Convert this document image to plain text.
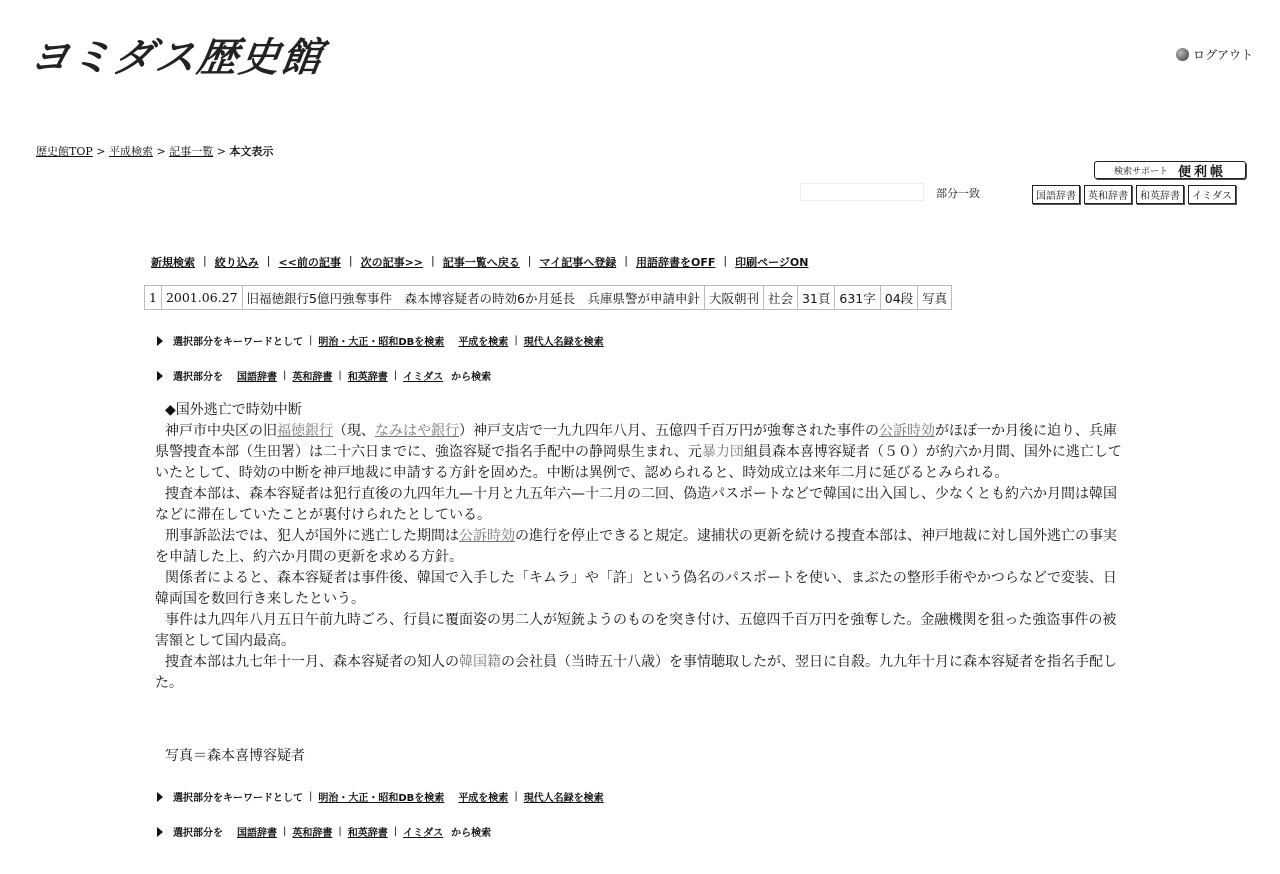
ヨミダス歴史館	ログアウト
歴史館TOP > 平成検索 > 記事一覧 > 本文表示
検索サポート 便利帳
部分一致	国語辞書	英和辞書	和英辞書	イミダス
新規検索 | 絞り込み | <<前の記事 | 次の記事>> | 記事一覧へ戻る | マイ記事へ登録 | 用語辞書をOFF | 印刷ページON
1	2001.06.27	旧福徳銀行5億円強奪事件　森本博容疑者の時効6か月延長　兵庫県警が申請申針	大阪朝刊	社会	31頁	631字	04段	写真
選択部分をキーワードとして | 明治・大正・昭和DBを検索 平成を検索 | 現代人名録を検索
選択部分を 国語辞書 | 英和辞書 | 和英辞書 | イミダス から検索

◆国外逃亡で時効中断

神戸市中央区の旧福徳銀行（現、なみはや銀行）神戸支店で一九九四年八月、五億四千百万円が強奪された事件の公訴時効がほぼ一か月後に迫り、兵庫県警捜査本部（生田署）は二十六日までに、強盗容疑で指名手配中の静岡県生まれ、元暴力団組員森本喜博容疑者（５０）が約六か月間、国外に逃亡していたとして、時効の中断を神戸地裁に申請する方針を固めた。中断は異例で、認められると、時効成立は来年二月に延びるとみられる。

捜査本部は、森本容疑者は犯行直後の九四年九—十月と九五年六—十二月の二回、偽造パスポートなどで韓国に出入国し、少なくとも約六か月間は韓国などに滞在していたことが裏付けられたとしている。

刑事訴訟法では、犯人が国外に逃亡した期間は公訴時効の進行を停止できると規定。逮捕状の更新を続ける捜査本部は、神戸地裁に対し国外逃亡の事実を申請した上、約六か月間の更新を求める方針。

関係者によると、森本容疑者は事件後、韓国で入手した「キムラ」や「許」という偽名のパスポートを使い、まぶたの整形手術やかつらなどで変装、日韓両国を数回行き来したという。

事件は九四年八月五日午前九時ごろ、行員に覆面姿の男二人が短銃ようのものを突き付け、五億四千百万円を強奪した。金融機関を狙った強盗事件の被害額として国内最高。

捜査本部は九七年十一月、森本容疑者の知人の韓国籍の会社員（当時五十八歳）を事情聴取したが、翌日に自殺。九九年十月に森本容疑者を指名手配した。

写真＝森本喜博容疑者
選択部分をキーワードとして | 明治・大正・昭和DBを検索 平成を検索 | 現代人名録を検索
選択部分を 国語辞書 | 英和辞書 | 和英辞書 | イミダス から検索
